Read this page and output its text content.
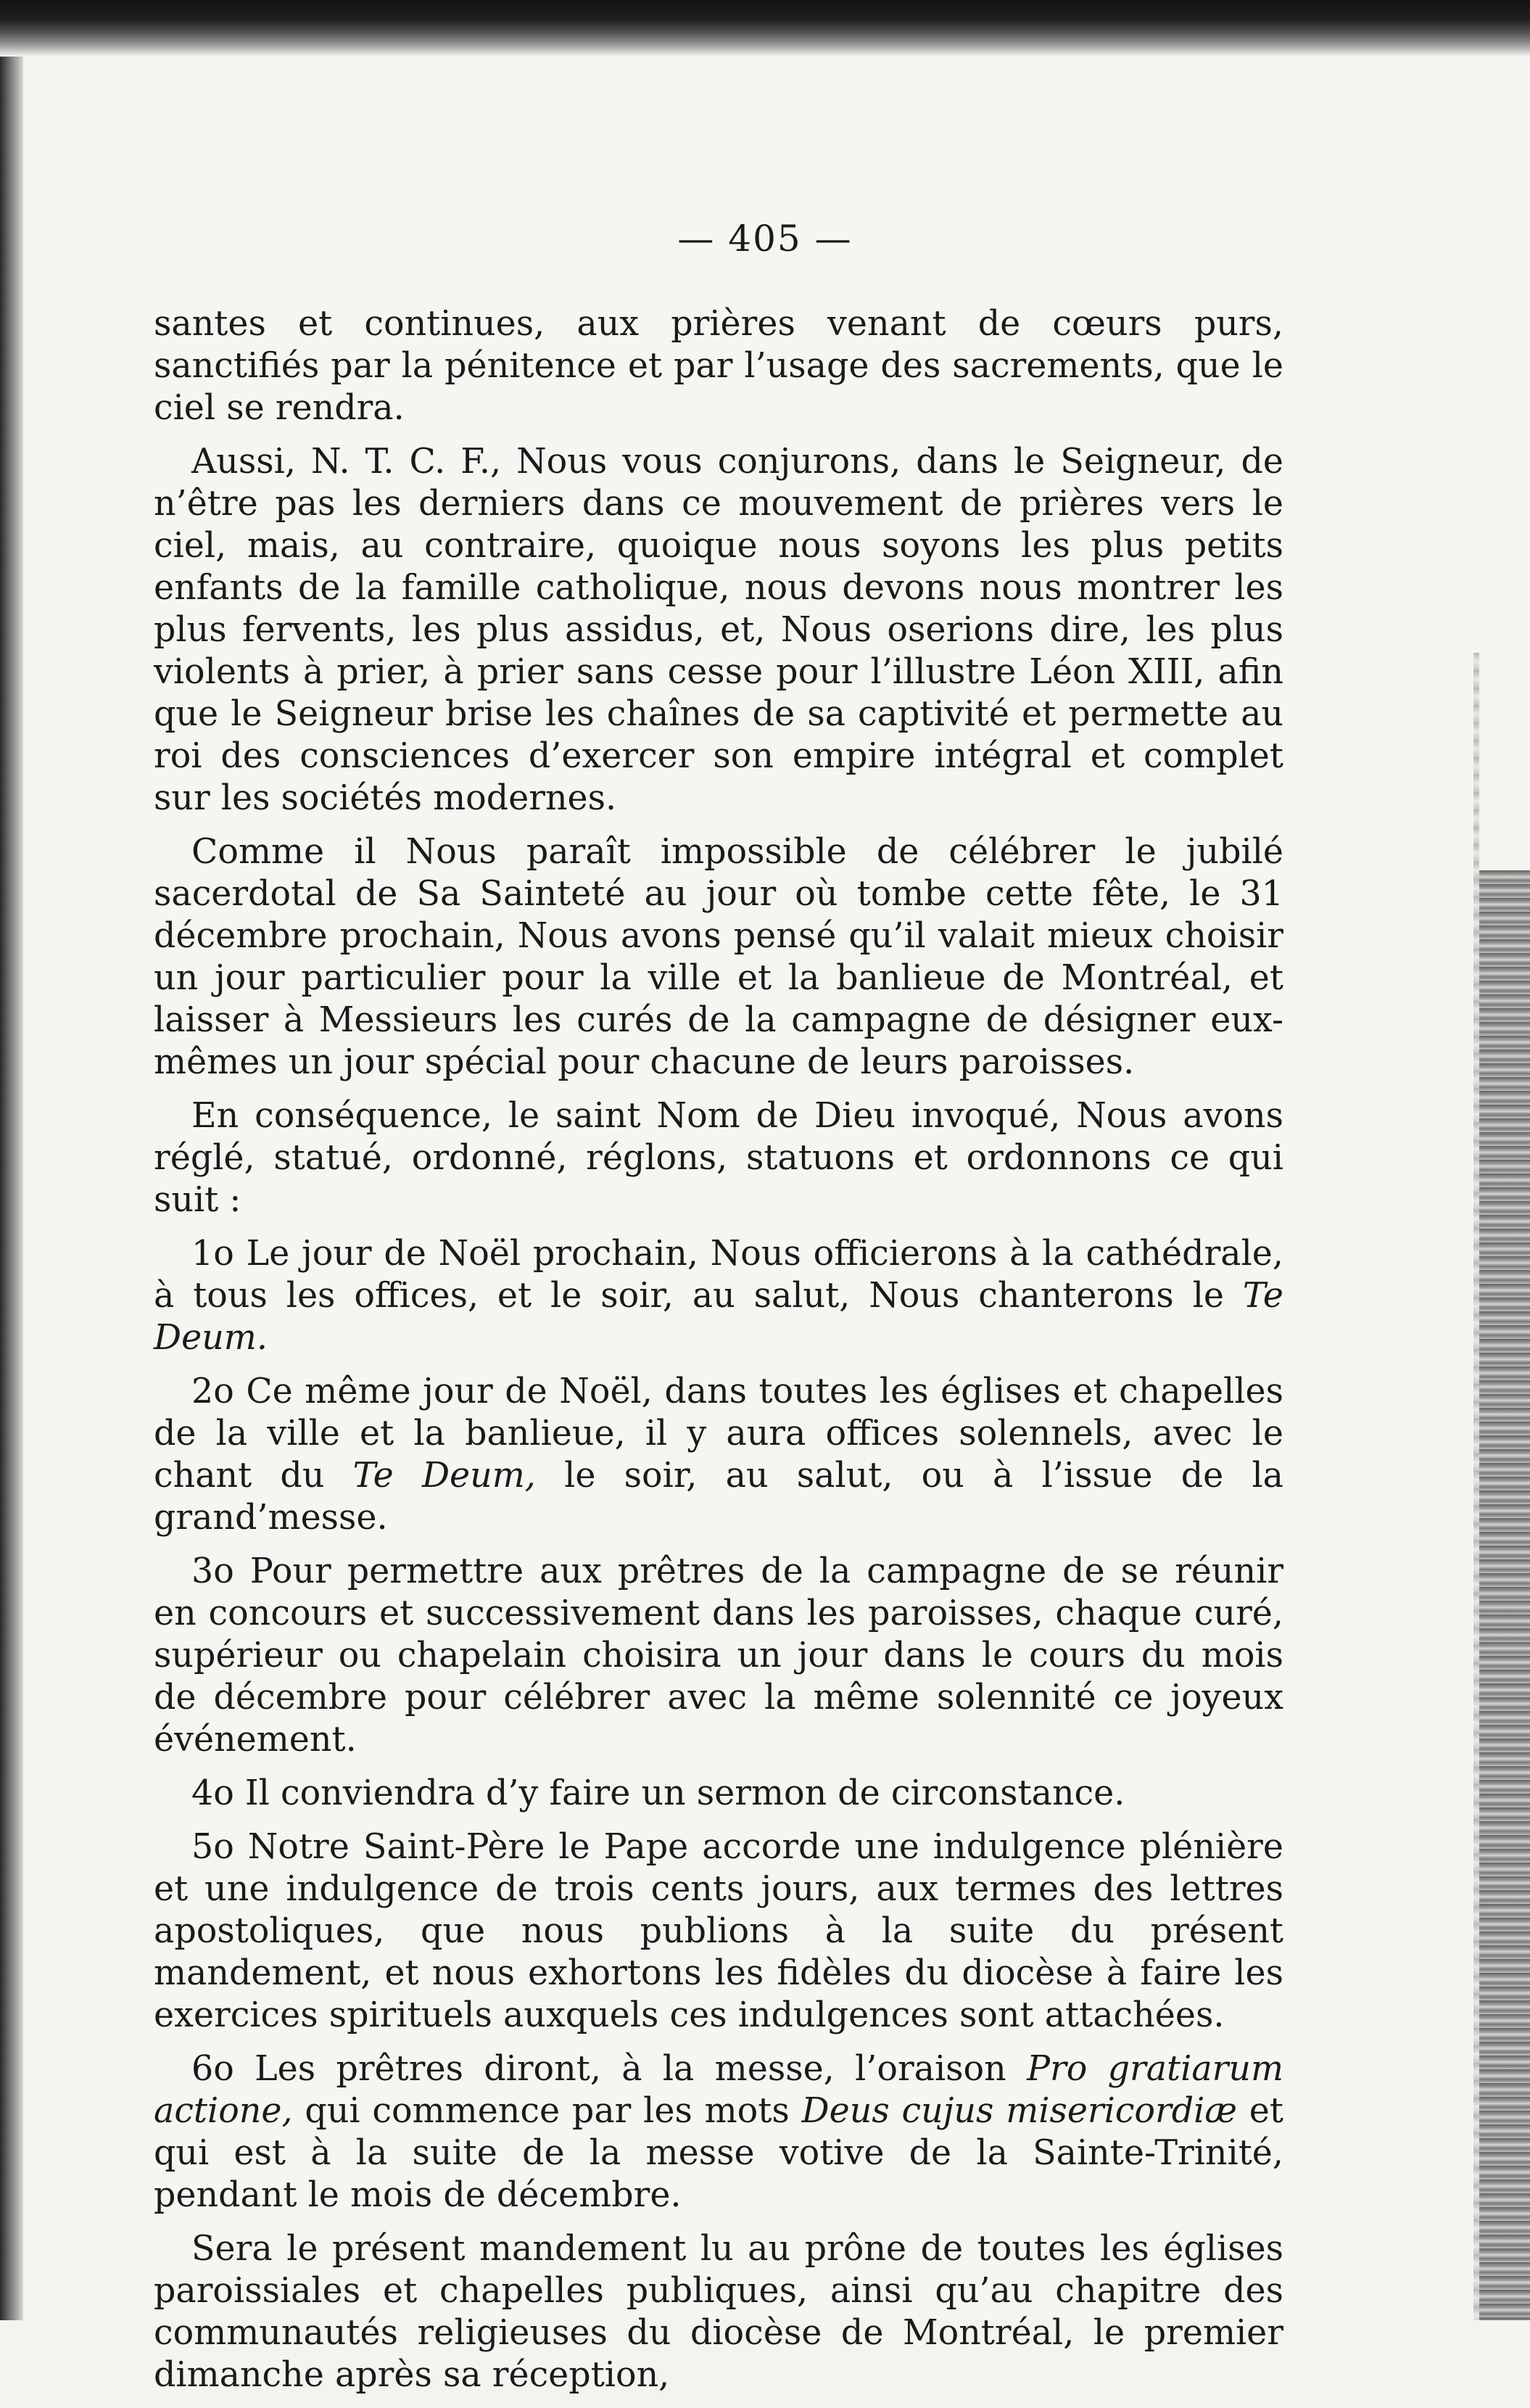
— 405 —

santes et continues, aux prières venant de cœurs purs, sanctifiés par la pénitence et par l’usage des sacrements, que le ciel se rendra.

Aussi, N. T. C. F., Nous vous conjurons, dans le Seigneur, de n’être pas les derniers dans ce mouvement de prières vers le ciel, mais, au contraire, quoique nous soyons les plus petits enfants de la famille catholique, nous devons nous montrer les plus fervents, les plus assidus, et, Nous oserions dire, les plus violents à prier, à prier sans cesse pour l’illustre Léon XIII, afin que le Seigneur brise les chaînes de sa captivité et permette au roi des consciences d’exercer son empire intégral et complet sur les sociétés modernes.

Comme il Nous paraît impossible de célébrer le jubilé sacerdotal de Sa Sainteté au jour où tombe cette fête, le 31 décembre prochain, Nous avons pensé qu’il valait mieux choisir un jour particulier pour la ville et la banlieue de Montréal, et laisser à Messieurs les curés de la campagne de désigner eux-mêmes un jour spécial pour chacune de leurs paroisses.

En conséquence, le saint Nom de Dieu invoqué, Nous avons réglé, statué, ordonné, réglons, statuons et ordonnons ce qui suit :

1o Le jour de Noël prochain, Nous officierons à la cathédrale, à tous les offices, et le soir, au salut, Nous chanterons le Te Deum.

2o Ce même jour de Noël, dans toutes les églises et chapelles de la ville et la banlieue, il y aura offices solennels, avec le chant du Te Deum, le soir, au salut, ou à l’issue de la grand’messe.

3o Pour permettre aux prêtres de la campagne de se réunir en concours et successivement dans les paroisses, chaque curé, supérieur ou chapelain choisira un jour dans le cours du mois de décembre pour célébrer avec la même solennité ce joyeux événement.

4o Il conviendra d’y faire un sermon de circonstance.

5o Notre Saint-Père le Pape accorde une indulgence plénière et une indulgence de trois cents jours, aux termes des lettres apostoliques, que nous publions à la suite du présent mandement, et nous exhortons les fidèles du diocèse à faire les exercices spirituels auxquels ces indulgences sont attachées.

6o Les prêtres diront, à la messe, l’oraison Pro gratiarum actione, qui commence par les mots Deus cujus misericordiæ et qui est à la suite de la messe votive de la Sainte-Trinité, pendant le mois de décembre.

Sera le présent mandement lu au prône de toutes les églises paroissiales et chapelles publiques, ainsi qu’au chapitre des communautés religieuses du diocèse de Montréal, le premier dimanche après sa réception,
